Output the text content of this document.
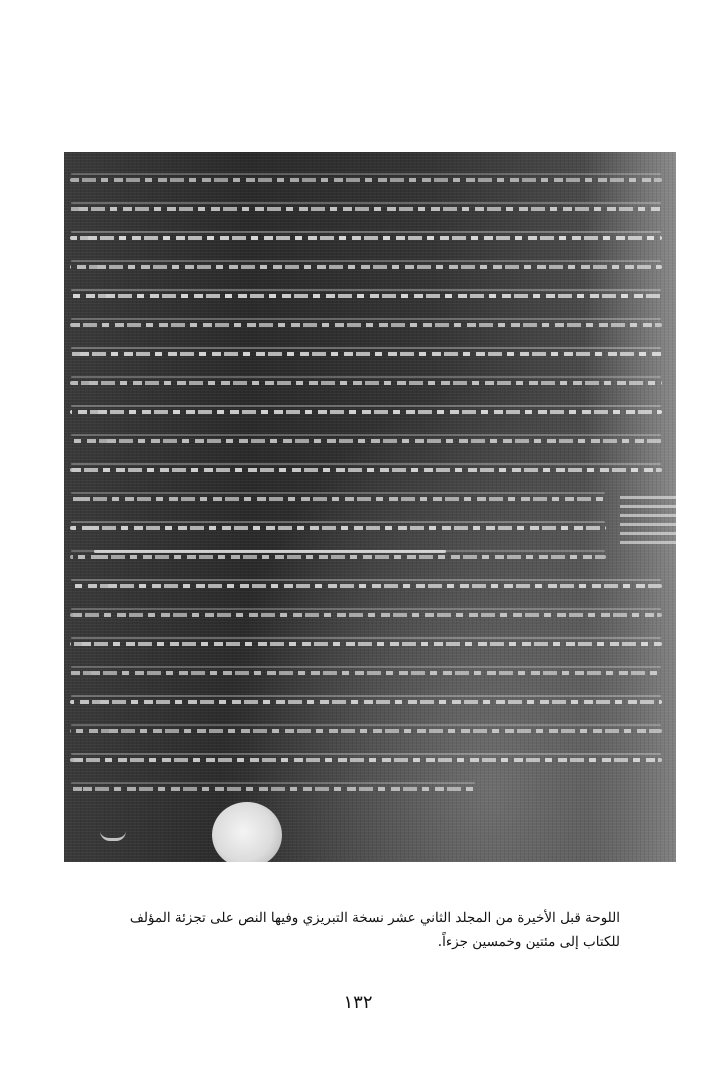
اللوحة قبل الأخيرة من المجلد الثاني عشر نسخة التبريزي وفيها النص على تجزئة المؤلف

للكتاب إلى مئتين وخمسين جزءاً.

١٣٢
